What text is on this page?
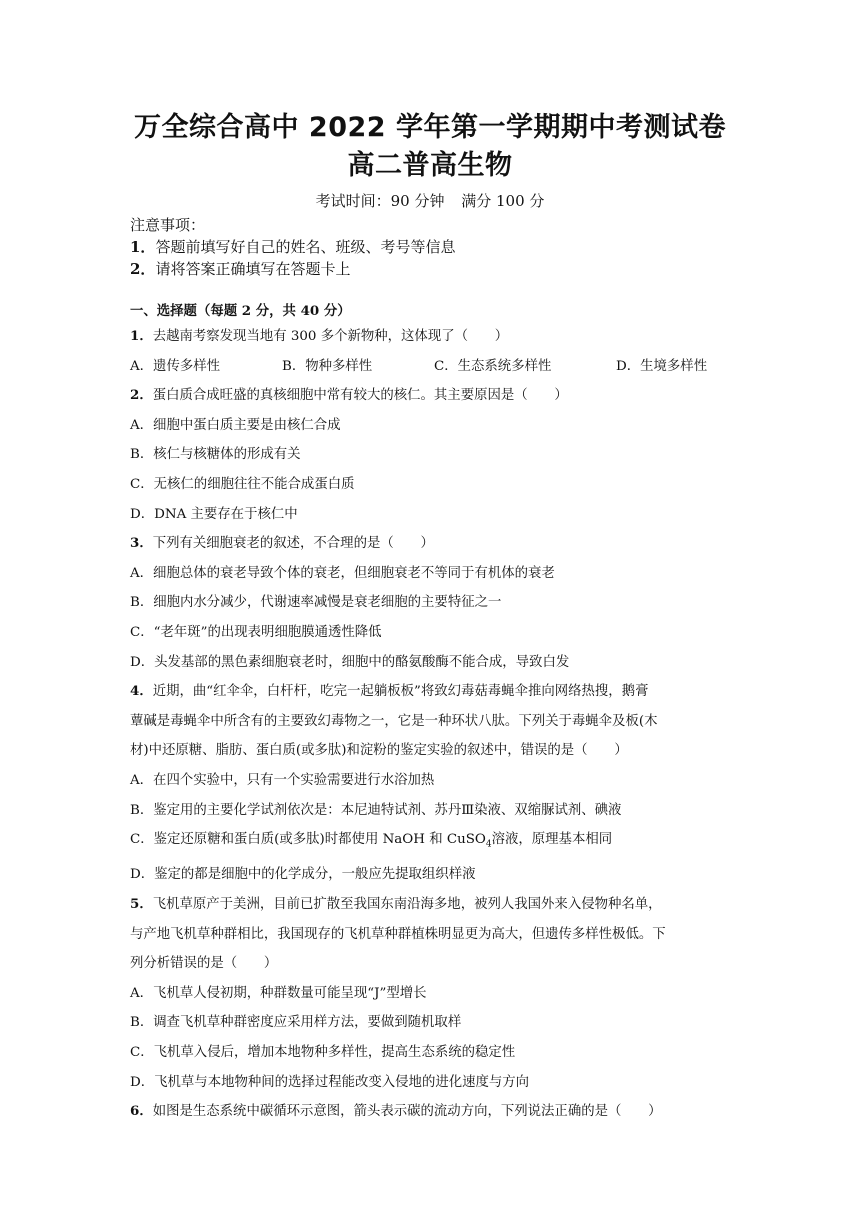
万全综合高中 2022 学年第一学期期中考测试卷
高二普高生物
考试时间：90 分钟 满分 100 分
注意事项：
1．答题前填写好自己的姓名、班级、考号等信息
2．请将答案正确填写在答题卡上
一、选择题（每题 2 分，共 40 分）
1．去越南考察发现当地有 300 多个新物种，这体现了（　　）
A．遗传多样性	B．物种多样性	C．生态系统多样性	D．生境多样性
2．蛋白质合成旺盛的真核细胞中常有较大的核仁。其主要原因是（　　）
A．细胞中蛋白质主要是由核仁合成
B．核仁与核糖体的形成有关
C．无核仁的细胞往往不能合成蛋白质
D．DNA 主要存在于核仁中
3．下列有关细胞衰老的叙述，不合理的是（　　）
A．细胞总体的衰老导致个体的衰老，但细胞衰老不等同于有机体的衰老
B．细胞内水分减少，代谢速率减慢是衰老细胞的主要特征之一
C．“老年斑”的出现表明细胞膜通透性降低
D．头发基部的黑色素细胞衰老时，细胞中的酪氨酸酶不能合成，导致白发
4．近期，曲“红伞伞，白杆杆，吃完一起躺板板”将致幻毒菇毒蝇伞推向网络热搜，鹅膏
蕈碱是毒蝇伞中所含有的主要致幻毒物之一，它是一种环状八肽。下列关于毒蝇伞及板(木
材)中还原糖、脂肪、蛋白质(或多肽)和淀粉的鉴定实验的叙述中，错误的是（　　）
A．在四个实验中，只有一个实验需要进行水浴加热
B．鉴定用的主要化学试剂依次是：本尼迪特试剂、苏丹Ⅲ染液、双缩脲试剂、碘液
C．鉴定还原糖和蛋白质(或多肽)时都使用 NaOH 和 CuSO$_4$溶液，原理基本相同
D．鉴定的都是细胞中的化学成分，一般应先提取组织样液
5．飞机草原产于美洲，目前已扩散至我国东南沿海多地，被列人我国外来入侵物种名单，
与产地飞机草种群相比，我国现存的飞机草种群植株明显更为高大，但遗传多样性极低。下
列分析错误的是（　　）
A．飞机草人侵初期，种群数量可能呈现“J”型增长
B．调查飞机草种群密度应采用样方法，要做到随机取样
C．飞机草入侵后，增加本地物种多样性，提高生态系统的稳定性
D．飞机草与本地物种间的选择过程能改变入侵地的进化速度与方向
6．如图是生态系统中碳循环示意图，箭头表示碳的流动方向，下列说法正确的是（　　）
